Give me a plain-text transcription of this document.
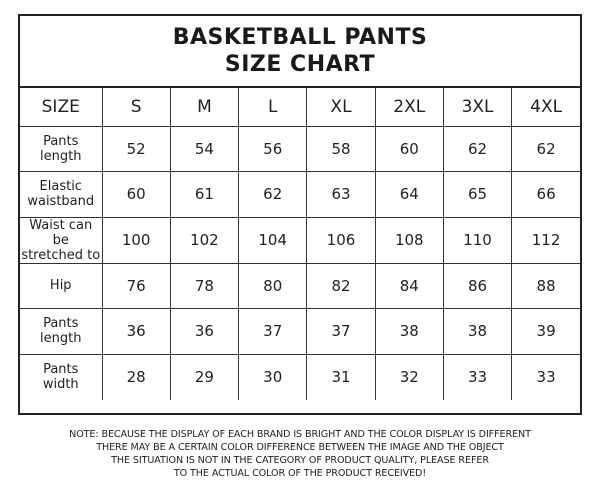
BASKETBALL PANTS
SIZE CHART
SIZE	S	M	L	XL	2XL	3XL	4XL

Pants
length	52	54	56	58	60	62	62

Elastic
waistband	60	61	62	63	64	65	66

Waist can be
stretched to	100	102	104	106	108	110	112

Hip	76	78	80	82	84	86	88

Pants
length	36	36	37	37	38	38	39

Pants
width	28	29	30	31	32	33	33
NOTE: BECAUSE THE DISPLAY OF EACH BRAND IS BRIGHT AND THE COLOR DISPLAY IS DIFFERENT
THERE MAY BE A CERTAIN COLOR DIFFERENCE BETWEEN THE IMAGE AND THE OBJECT
THE SITUATION IS NOT IN THE CATEGORY OF PRODUCT QUALITY, PLEASE REFER
TO THE ACTUAL COLOR OF THE PRODUCT RECEIVED!
